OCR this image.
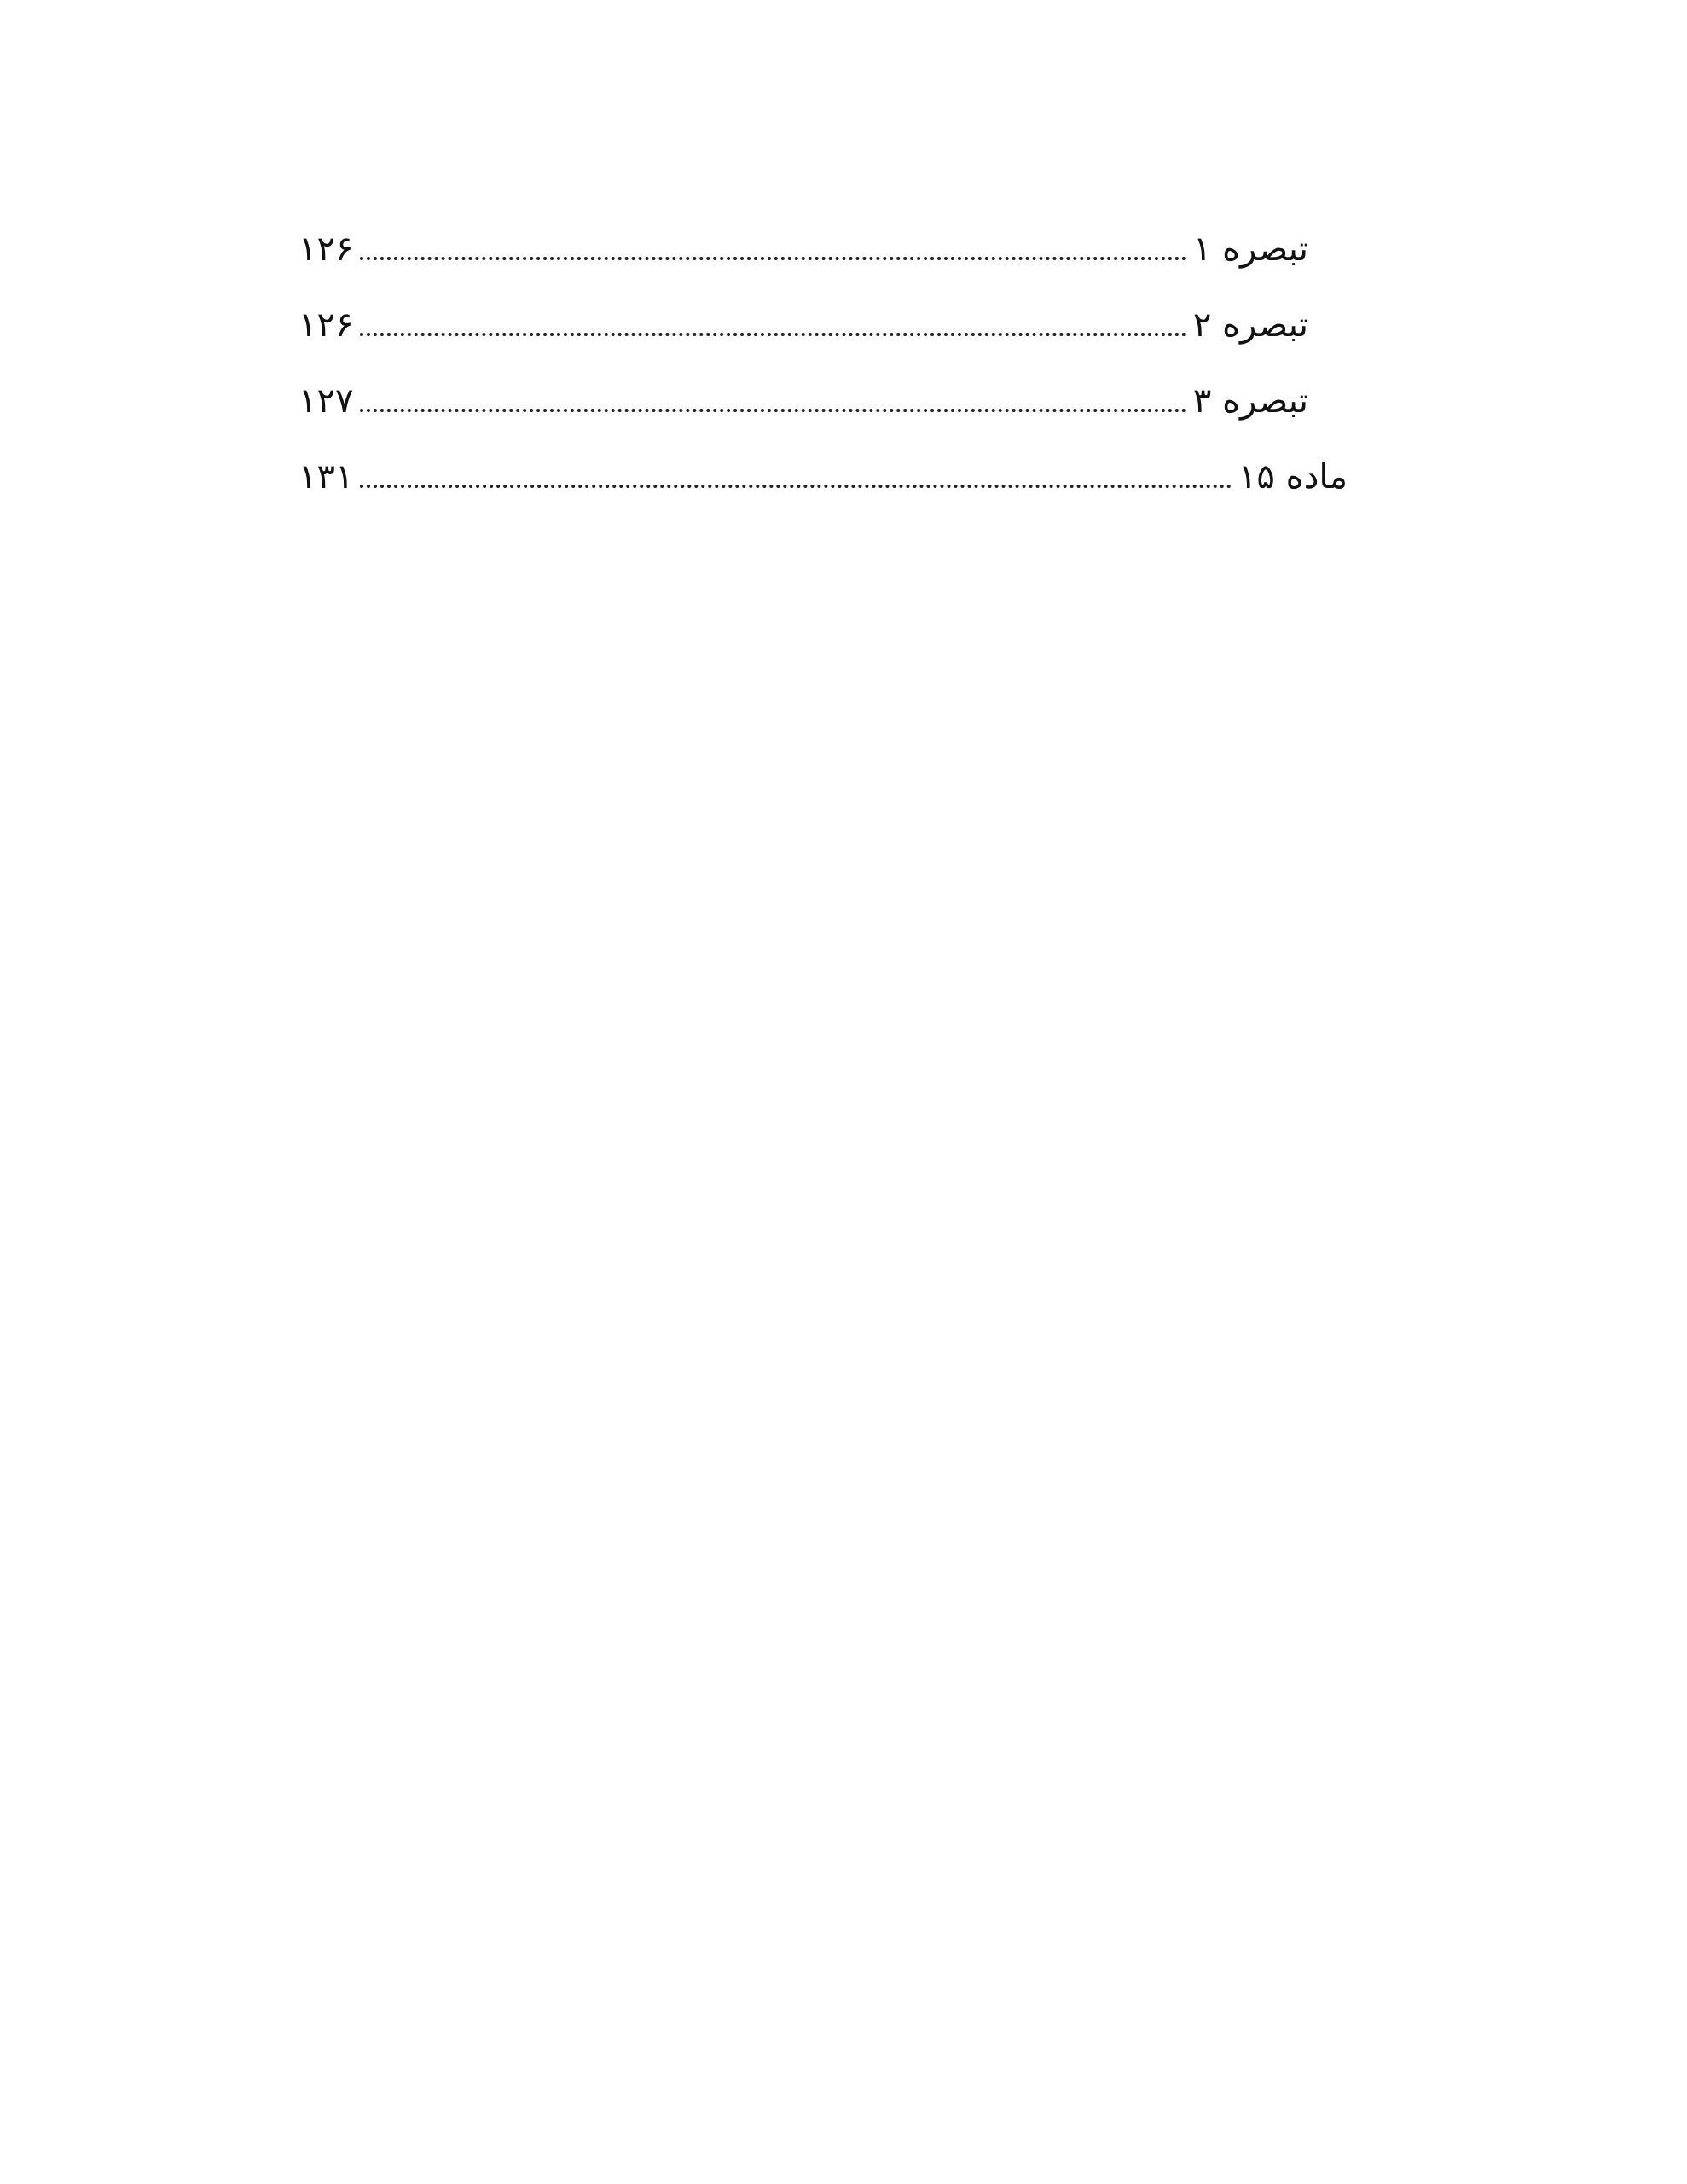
تبصره ۱
۱۲۶
تبصره ۲
۱۲۶
تبصره ۳
۱۲۷
ماده ۱۵
۱۳۱
